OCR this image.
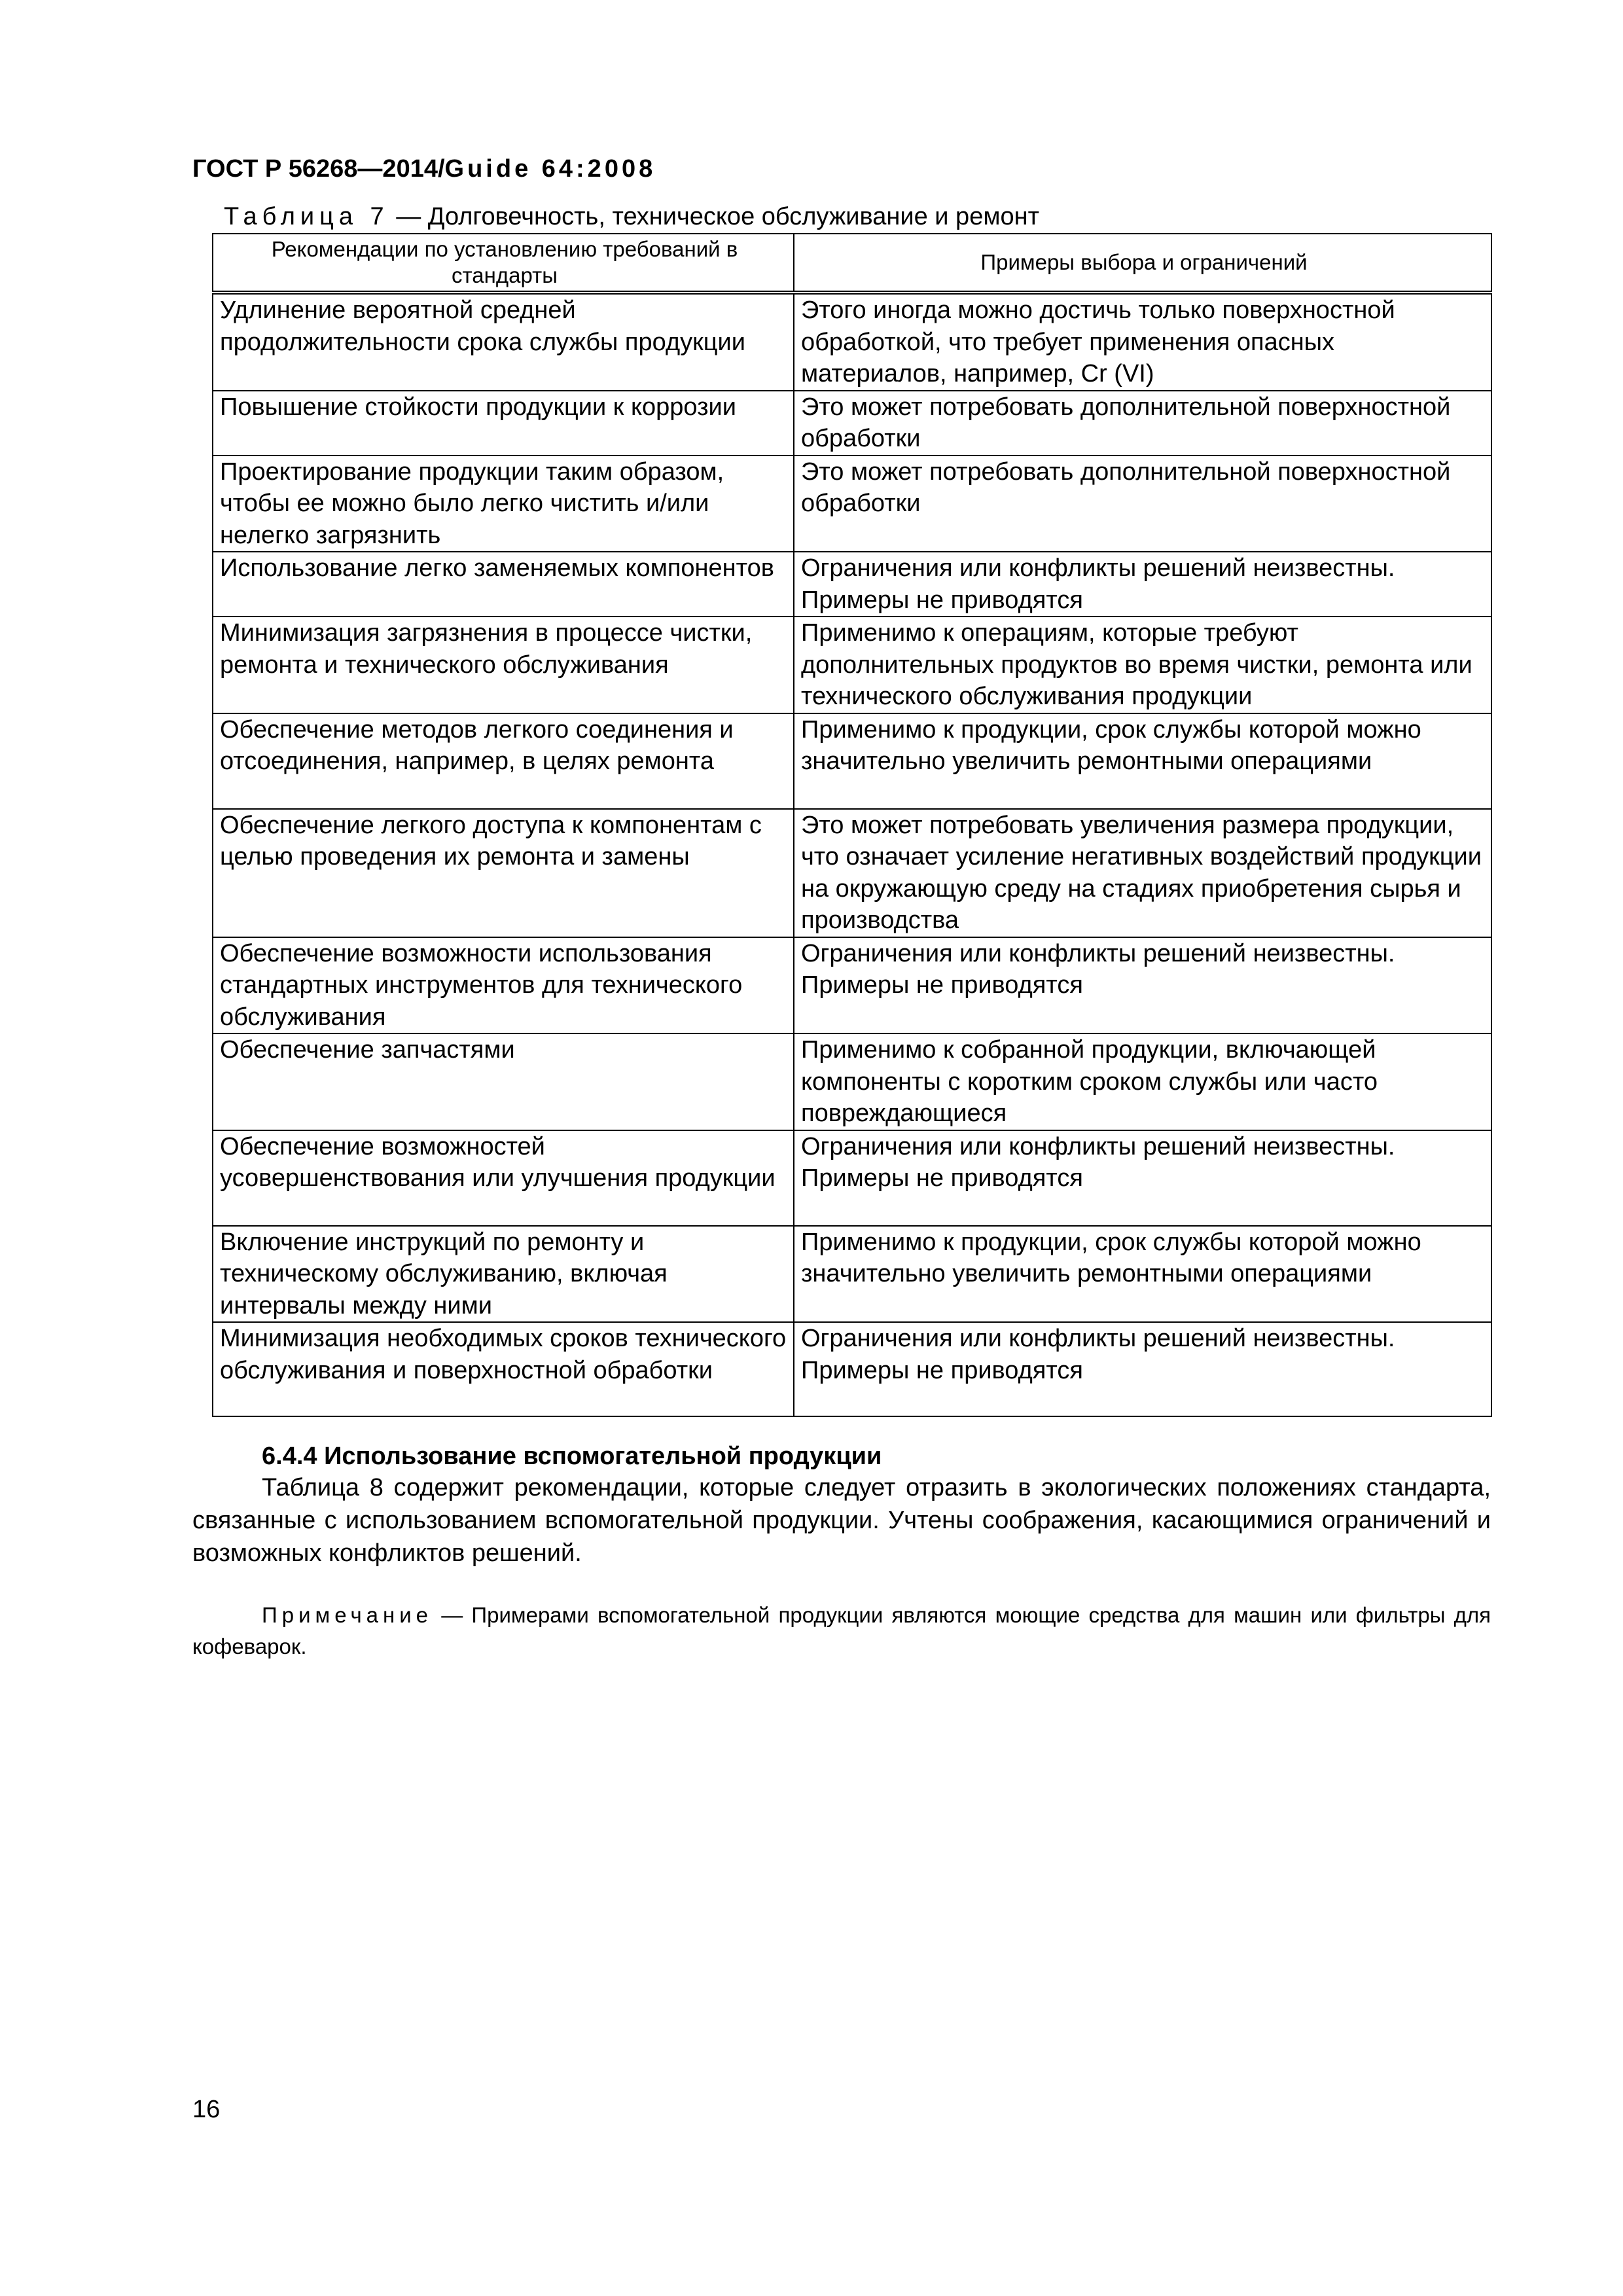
ГОСТ Р 56268—2014/Guide 64:2008
Таблица 7 — Долговечность, техническое обслуживание и ремонт
Рекомендации по установлению требований в стандарты	Примеры выбора и ограничений
Удлинение вероятной средней продолжительности срока службы продукции	Этого иногда можно достичь только поверхностной обработкой, что требует применения опасных материалов, например, Cr (VI)
Повышение стойкости продукции к коррозии	Это может потребовать дополнительной поверхностной обработки
Проектирование продукции таким образом, чтобы ее можно было легко чистить и/или нелегко загрязнить	Это может потребовать дополнительной поверхностной обработки
Использование легко заменяемых компонентов	Ограничения или конфликты решений неизвестны. Примеры не приводятся
Минимизация загрязнения в процессе чистки, ремонта и технического обслуживания	Применимо к операциям, которые требуют дополнительных продуктов во время чистки, ремонта или технического обслуживания продукции
Обеспечение методов легкого соединения и отсоединения, например, в целях ремонта	Применимо к продукции, срок службы которой можно значительно увеличить ремонтными операциями
Обеспечение легкого доступа к компонентам с целью проведения их ремонта и замены	Это может потребовать увеличения размера продукции, что означает усиление негативных воздействий продукции на окружающую среду на стадиях приобретения сырья и производства
Обеспечение возможности использования стандартных инструментов для технического обслуживания	Ограничения или конфликты решений неизвестны. Примеры не приводятся
Обеспечение запчастями	Применимо к собранной продукции, включающей компоненты с коротким сроком службы или часто повреждающиеся
Обеспечение возможностей усовершенствования или улучшения продукции	Ограничения или конфликты решений неизвестны. Примеры не приводятся
Включение инструкций по ремонту и техническому обслуживанию, включая интервалы между ними	Применимо к продукции, срок службы которой можно значительно увеличить ремонтными операциями
Минимизация необходимых сроков технического обслуживания и поверхностной обработки	Ограничения или конфликты решений неизвестны. Примеры не приводятся
6.4.4 Использование вспомогательной продукции

Таблица 8 содержит рекомендации, которые следует отразить в экологических положениях стандарта, связанные с использованием вспомогательной продукции. Учтены соображения, касающимися ограничений и возможных конфликтов решений.

Примечание — Примерами вспомогательной продукции являются моющие средства для машин или фильтры для кофеварок.

16
